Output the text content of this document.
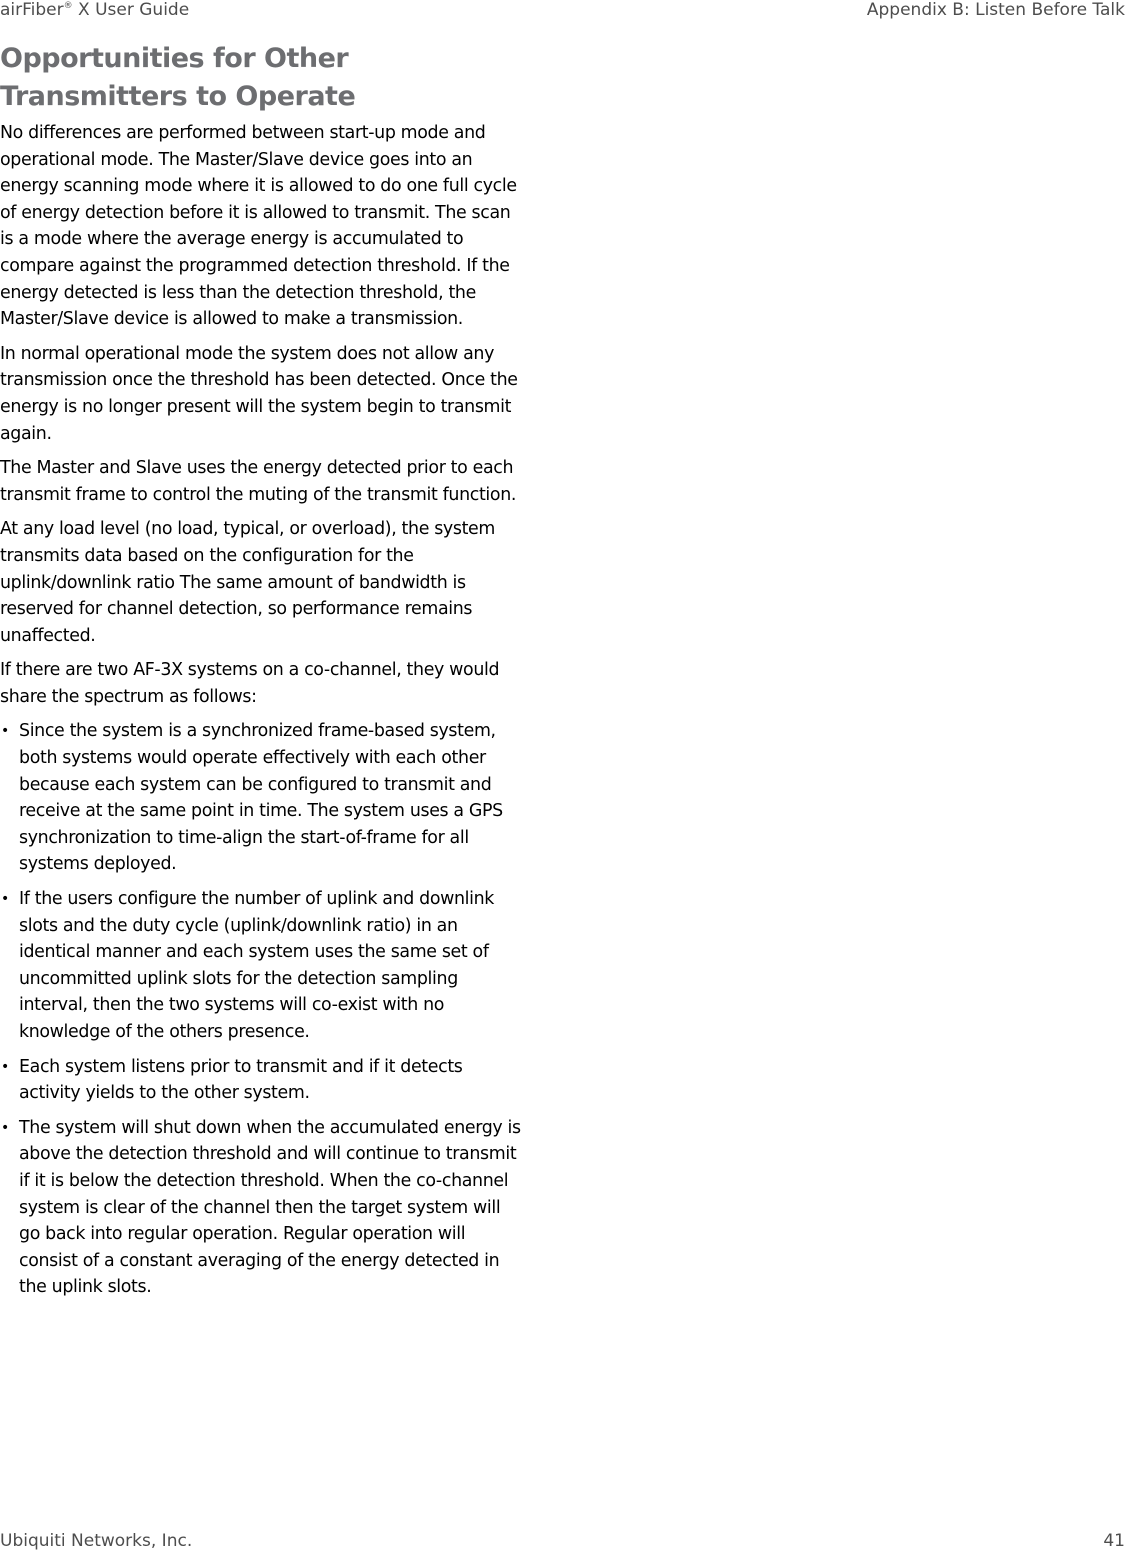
airFiber® X User Guide	Appendix B: Listen Before Talk
Opportunities for Other Transmitters to Operate

No differences are performed between start-up mode and operational mode. The Master/Slave device goes into an energy scanning mode where it is allowed to do one full cycle of energy detection before it is allowed to transmit. The scan is a mode where the average energy is accumulated to compare against the programmed detection threshold. If the energy detected is less than the detection threshold, the Master/Slave device is allowed to make a transmission.

In normal operational mode the system does not allow any transmission once the threshold has been detected. Once the energy is no longer present will the system begin to transmit again.

The Master and Slave uses the energy detected prior to each transmit frame to control the muting of the transmit function.

At any load level (no load, typical, or overload), the system transmits data based on the configuration for the uplink/downlink ratio The same amount of bandwidth is reserved for channel detection, so performance remains unaffected.

If there are two AF-3X systems on a co-channel, they would share the spectrum as follows:

• Since the system is a synchronized frame-based system, both systems would operate effectively with each other because each system can be configured to transmit and receive at the same point in time. The system uses a GPS synchronization to time-align the start-of-frame for all systems deployed.
• If the users configure the number of uplink and downlink slots and the duty cycle (uplink/downlink ratio) in an identical manner and each system uses the same set of uncommitted uplink slots for the detection sampling interval, then the two systems will co-exist with no knowledge of the others presence.
• Each system listens prior to transmit and if it detects activity yields to the other system.
• The system will shut down when the accumulated energy is above the detection threshold and will continue to transmit if it is below the detection threshold. When the co-channel system is clear of the channel then the target system will go back into regular operation. Regular operation will consist of a constant averaging of the energy detected in the uplink slots.
Ubiquiti Networks, Inc.	41
